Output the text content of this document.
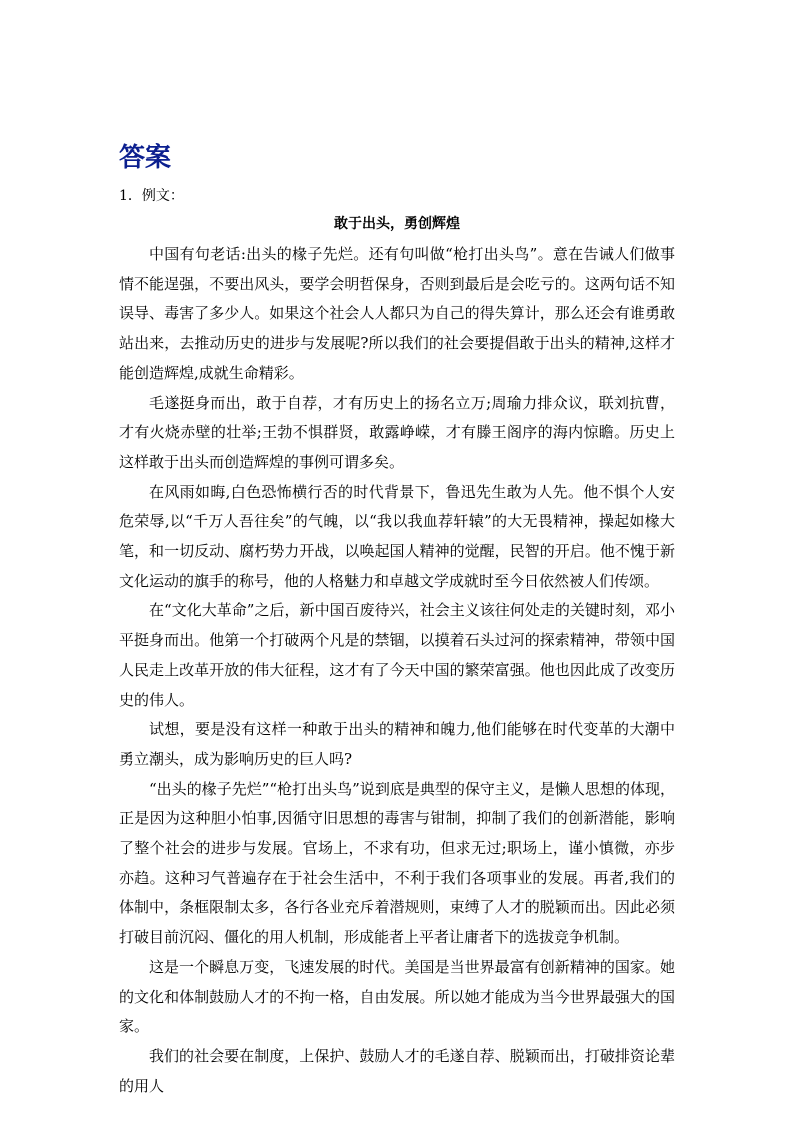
答案
1．例文：
敢于出头，勇创辉煌

中国有句老话:出头的椽子先烂。还有句叫做“枪打出头鸟”。意在告诫人们做事情不能逞强，不要出风头，要学会明哲保身，否则到最后是会吃亏的。这两句话不知误导、毒害了多少人。如果这个社会人人都只为自己的得失算计，那么还会有谁勇敢站出来，去推动历史的进步与发展呢?所以我们的社会要提倡敢于出头的精神,这样才能创造辉煌,成就生命精彩。

毛遂挺身而出，敢于自荐，才有历史上的扬名立万;周瑜力排众议，联刘抗曹，才有火烧赤壁的壮举;王勃不惧群贤，敢露峥嵘，才有滕王阁序的海内惊瞻。历史上这样敢于出头而创造辉煌的事例可谓多矣。

在风雨如晦,白色恐怖横行否的时代背景下，鲁迅先生敢为人先。他不惧个人安危荣辱,以“千万人吾往矣”的气魄，以“我以我血荐轩辕”的大无畏精神，操起如椽大笔，和一切反动、腐朽势力开战，以唤起国人精神的觉醒，民智的开启。他不愧于新文化运动的旗手的称号，他的人格魅力和卓越文学成就时至今日依然被人们传颂。

在“文化大革命”之后，新中国百废待兴，社会主义该往何处走的关键时刻，邓小平挺身而出。他第一个打破两个凡是的禁锢，以摸着石头过河的探索精神，带领中国人民走上改革开放的伟大征程，这才有了今天中国的繁荣富强。他也因此成了改变历史的伟人。

试想，要是没有这样一种敢于出头的精神和魄力,他们能够在时代变革的大潮中勇立潮头，成为影响历史的巨人吗?

“出头的椽子先烂”“枪打出头鸟”说到底是典型的保守主义，是懒人思想的体现，正是因为这种胆小怕事,因循守旧思想的毒害与钳制，抑制了我们的创新潜能，影响了整个社会的进步与发展。官场上，不求有功，但求无过;职场上，谨小慎微，亦步亦趋。这种习气普遍存在于社会生活中，不利于我们各项事业的发展。再者,我们的体制中，条框限制太多，各行各业充斥着潜规则，束缚了人才的脱颖而出。因此必须打破目前沉闷、僵化的用人机制，形成能者上平者让庸者下的选拔竞争机制。

这是一个瞬息万变，飞速发展的时代。美国是当世界最富有创新精神的国家。她的文化和体制鼓励人才的不拘一格，自由发展。所以她才能成为当今世界最强大的国家。

我们的社会要在制度，上保护、鼓励人才的毛遂自荐、脱颖而出，打破排资论辈的用人
